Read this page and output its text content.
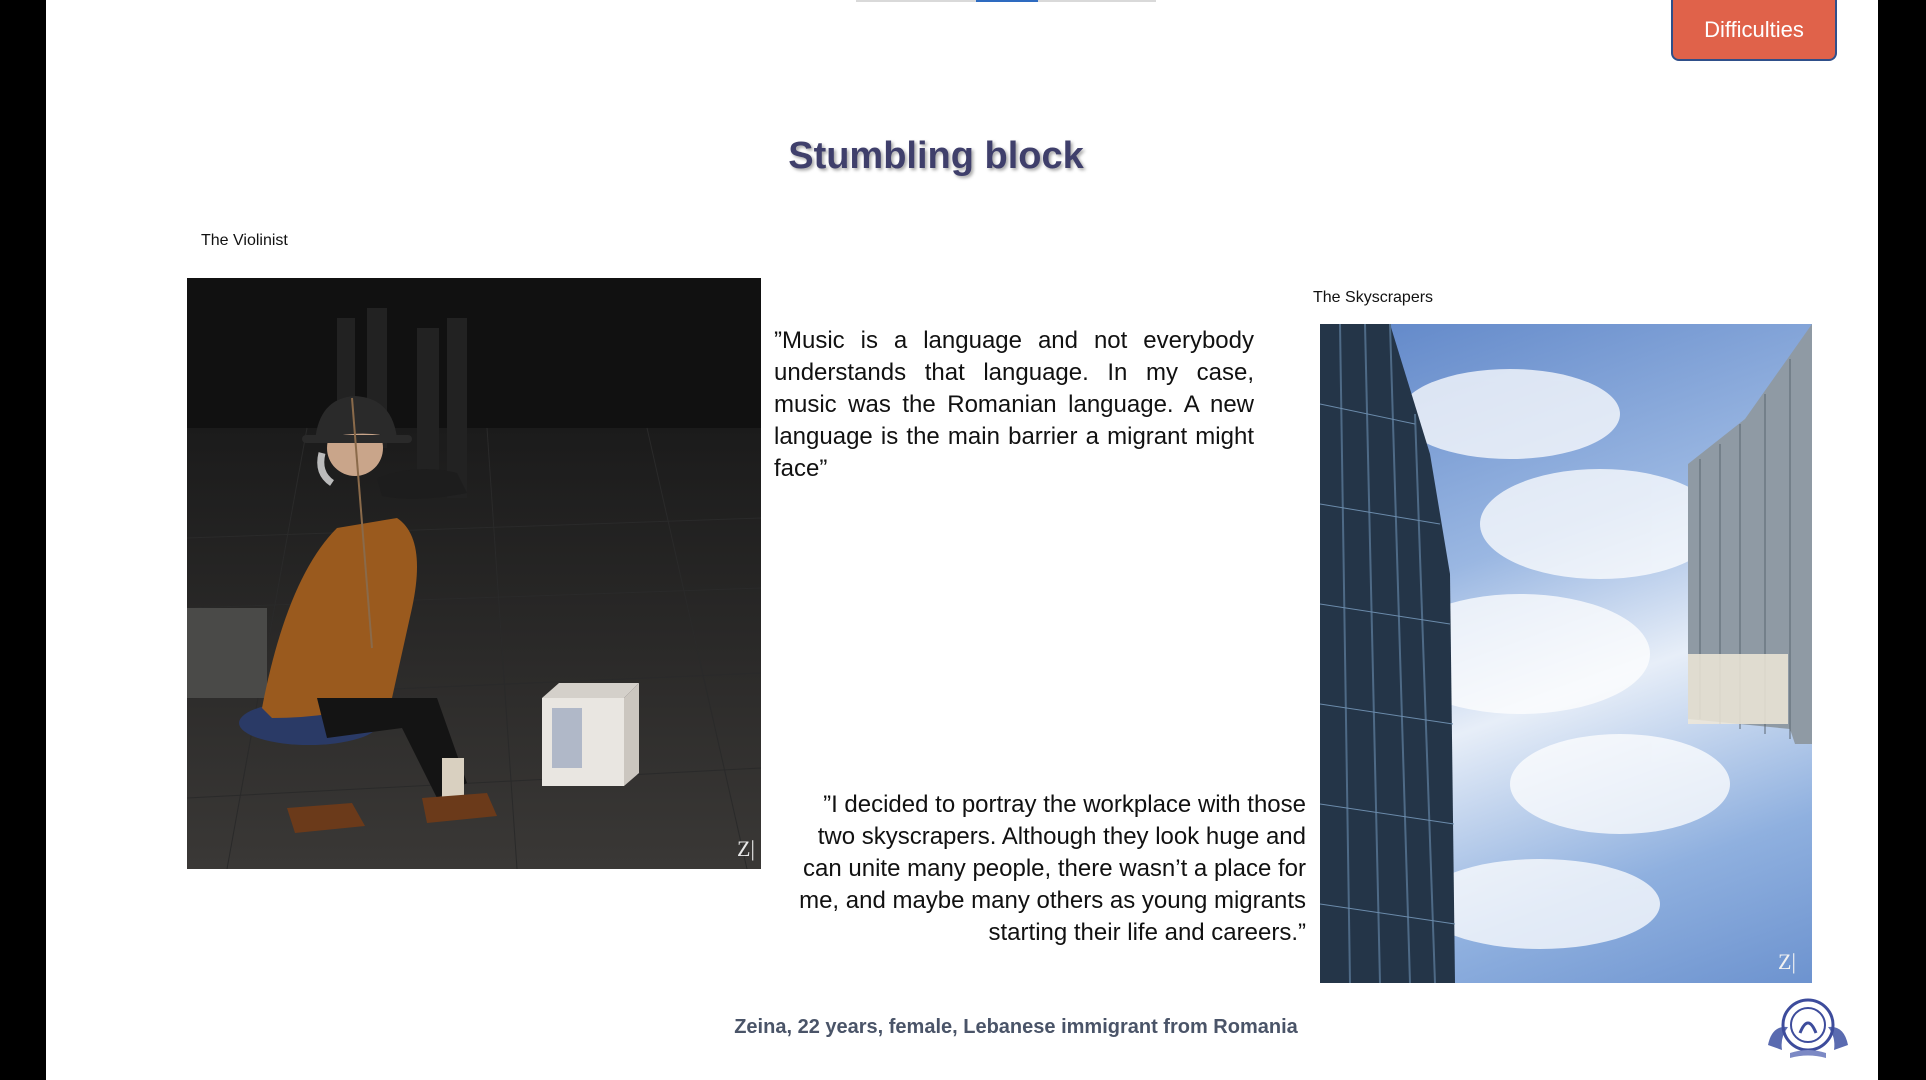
Difficulties
Stumbling block
The Violinist
Z|
”Music is a language and not everybody understands that language. In my case, music was the Romanian language. A new language is the main barrier a migrant might face”
”I decided to portray the workplace with those two skyscrapers. Although they look huge and can unite many people, there wasn’t a place for me, and maybe many others as young migrants starting their life and careers.”
The Skyscrapers
Z|
Zeina, 22 years, female, Lebanese immigrant from Romania
